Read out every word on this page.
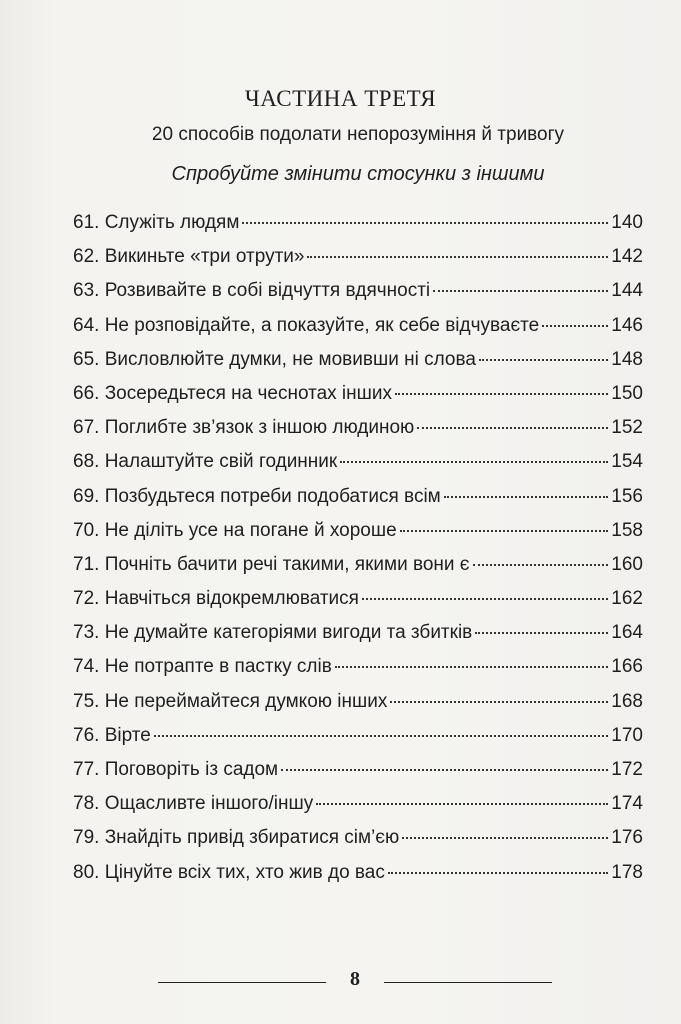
ЧАСТИНА ТРЕТЯ
20 способів подолати непорозуміння й тривогу
Спробуйте змінити стосунки з іншими
61. Служіть людям	140
62. Викиньте «три отрути»	142
63. Розвивайте в собі відчуття вдячності	144
64. Не розповідайте, а показуйте, як себе відчуваєте	146
65. Висловлюйте думки, не мовивши ні слова	148
66. Зосередьтеся на чеснотах інших	150
67. Поглибте зв’язок з іншою людиною	152
68. Налаштуйте свій годинник	154
69. Позбудьтеся потреби подобатися всім	156
70. Не діліть усе на погане й хороше	158
71. Почніть бачити речі такими, якими вони є	160
72. Навчіться відокремлюватися	162
73. Не думайте категоріями вигоди та збитків	164
74. Не потрапте в пастку слів	166
75. Не переймайтеся думкою інших	168
76. Вірте	170
77. Поговоріть із садом	172
78. Ощасливте іншого/іншу	174
79. Знайдіть привід збиратися сім’єю	176
80. Цінуйте всіх тих, хто жив до вас	178
8
